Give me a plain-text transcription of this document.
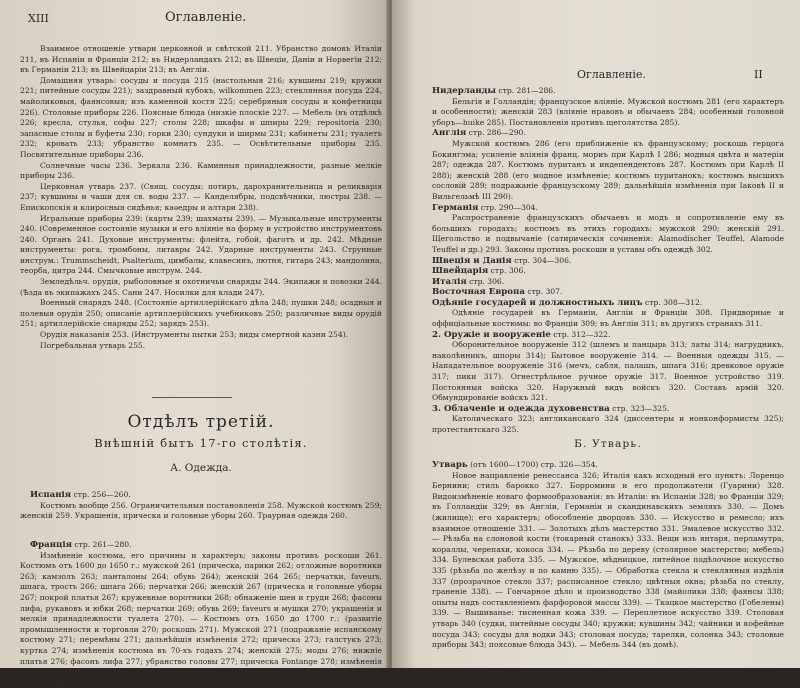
XIII	Оглавленіе.

Взаимное отношеніе утвари церковной и свѣтской 211. Убранство домовъ Италіи 211, въ Испаніи и Франціи 212; въ Нидерландахъ 212; въ Швеціи, Даніи и Норвегіи 212; въ Германіи 213; въ Швейцаріи 213; въ Англіи.

Домашняя утварь: сосуды и посуда 215 (настольныя 216; кувшины 219; кружки 221; питейные сосуды 221); заздравный кубокъ, wilkommen 223; стеклянная посуда 224, майоликовыя, фаянсовыя; изъ каменной костя 225; серебряныя сосуды и конфетницы 226). Столовые приборы 226. Поясные блюда (низкіе плоскіе 227. — Мебель (въ отдѣлкѣ 226; кресла, стулья, софы 227; столы 228; шкафы и шпиры 229; repositoria 230; запасные столы и буфеты 230; горки 230; сундуки и ширмы 231; кабинеты 231; туалетъ 232; кровать 233; убранство комнатъ 235. — Освѣтительные приборы 235. Посвятительные приборы 236.

Солнечные часы 236. Зеркала 236. Каминныя принадлежности, разные мелкіе приборы 236.

Церковная утварь 237. (Свящ. сосуды: потиръ, дарохранительница и реликварія 237; кувшины и чаши для св. воды 237. — Канделябры, подсвѣчники, люстры 238. — Епископскія и клиросныя сидѣнья; каѳедры и алтари 238).

Игральные приборы 239: (карты 239; шахматы 239). — Музыкальные инструменты 240. (Современное состояніе музыки и его вліяніе на форму и устройство инструментовъ 240. Органъ 241. Духовые инструменты: флейта, гобой, фаготъ и др. 242. Мѣдные инструменты: рога, тромбоны, литавры 242. Ударные инструменты 243. Струнные инструм.: Trummscheidt, Psalterium, цимбалы, клавесинъ, лютня, гитара 243; мандолина, теорба, цитра 244. Смычковые инструм. 244.

Земледѣльч. орудія, рыболовные и охотничьи снаряды 244. Экипажи и повозки 244. (Ѣзда въ экипажахъ 245. Сани 247. Носилки для клади 247).

Военный снарядъ 248. (Состояніе артиллерійскаго дѣла 248; пушки 248; осадныя и полевыя орудія 250; описаніе артиллерійскихъ учебниковъ 250; различные виды орудій 251; артиллерійскіе снаряды 252; зарядъ 253).

Орудія наказанія 253. (Инструменты пытки 253; виды смертной казни 254).

Погребальная утварь 255.

Отдѣлъ третій.
Внѣшній бытъ 17-го столѣтія.
А. Одежда.
Испанія стр. 256—260.

Костюмъ вообще 256. Ограничительныя постановленія 258. Мужской костюмъ 259; женскій 259. Украшенія, прическа и головные уборы 260. Траурная одежда 260.

Франція стр. 261—280.

Измѣненіе костюма, его причины и характеръ; законы противъ роскоши 261. Костюмъ отъ 1600 до 1650 г.: мужской 261 (прическа, парики 262; отложные воротники 263; камзолъ 263; панталоны 264; обувь 264); женскій 264 265; перчатки, fаvеurs, шпага, трость 266; шпага 266; перчатки 266; женскій 267 (прическа и головные уборы 267; покрой платья 267; кружевные воротники 268; обнаженіе шеи и груди 268; фасоны лифа, рукавовъ и юбки 268; перчатки 269; обувь 269; faveurs и мушки 270; украшенія и мелкія принадлежности туалета 270). — Костюмъ отъ 1650 до 1700 г.: (развитіе промышленности и торговли 270; роскошь 271). Мужской 271 (подражаніе испанскому костюму 271; перемѣны 271; дальнѣйшія измѣненія 272; прическа 273; галстукъ 273; куртка 274; измѣненія костюма въ 70-хъ годахъ 274; женскій 275; моды 276; нижніе платья 276; фасонъ лифа 277; убранство головы 277; прическа Fontange 278; измѣненія въ костюмѣ съ 1685 г. 278; вышивка 279; косметика, пудра, мушки, веера 279; часы, муфты и пр. 280).

Оглавленіе.	II
Нидерланды стр. 281—286.

Бельгія и Голландія; французское вліяніе. Мужской костюмъ 281 (его характеръ и особенности); женскій 283 (вліяніе нравовъ и обычаевъ 284; особенный головной уборъ—huike 285). Постановленія противъ щеголятства 285).

Англія стр. 286—290.

Мужской костюмъ 286 (его приближеніе къ французскому; роскошь герцога Бокингэма; усиленіе вліянія франц. мориъ при Карлѣ I 286; модныя цвѣта и матеріи 287; одежда 287. Костюмъ пуританъ и индепендентовъ 287. Костюмъ при Карлѣ II 288); женскій 288 (его модное измѣненіе; костюмъ пуританокъ; костюмъ высшихъ сословій 289; подражаніе французскому 289; дальнѣйшія измѣненія при Іаковѣ II и Вильгельмѣ III 290).

Германія стр. 290—304.

Распространеніе французскихъ обычаевъ и модъ и сопротивленіе ему въ большихъ городахъ; костюмъ въ этихъ городахъ: мужской 290; женскій 291. Щегольство и подвычаніе (сатирическія сочиненія: Alamodischer Teuffel, Alamode Teuffel и др.) 293. Законы противъ роскоши и уставы объ одеждѣ 302.

Швеція и Данія стр. 304—306.
Швейцарія стр. 306.
Италія стр. 306.
Восточная Европа стр. 307.
Одѣяніе государей и должностныхъ лицъ стр. 308—312.

Одѣяніе государей въ Германіи, Англіи и Франціи 308. Придворные и оффиціальные костюмы: во Франціи 309; въ Англіи 311; въ другихъ странахъ 311.

2. Оружіе и вооруженіе стр. 312—322.

Оборонительное вооруженіе 312 (шлемъ и панцырь 313; латы 314; нагрудникъ, наколѣнникъ, шпоры 314); Бытовое вооруженіе 314. — Военныя одежды 315. — Нападательное вооруженіе 316 (мечъ, сабля, палашъ, шпага 316; древковое оружіе 317; пики 317). Огнестрѣльное ручное оружіе 317. Военное устройство 319. Постоянныя войска 320. Наружный видъ войскъ 320. Составъ армій 320. Обмундированіе войскъ 321.

3. Облаченіе и одежда духовенства стр. 323—325.

Католическаго 323; англиканскаго 324 (диссентеры и нонконформисты 325); протестантскаго 325.

Б. Утварь.
Утварь (отъ 1600—1700) стр. 326—354.

Новое направленіе ренессанса 326; Италія какъ исходный его пунктъ: Лоренцо Бернини; стиль барокко 327. Борромини и его продолжатели (Гуарини) 328. Видоизмѣненіе новаго формообразованія: въ Италіи: въ Испаніи 328; во Франціи 329; въ Голландіи 329; въ Англіи, Германіи и скандинавскихъ земляхъ 330. — Домъ (жилище); его характеръ; обособленіе дворцовъ 330. — Искусство и ремесло; ихъ взаимное отношеніе 331. — Золотыхъ дѣлъ мастерство 331. Эмалевое искусство 332. — Рѣзьба на слоновой кости (токарный станокъ) 333. Вещи изъ янтаря, перламутра, кораллы, черепахи, кокоса 334. — Рѣзьба по дереву (столярное мастерство; мебель) 334. Булевская работа 335. — Мужское, мѣдницкое, литейное подѣлочное искусство 335 (рѣзьба по желѣзу и по камню 335). — Обработка стекла и стеклянныя издѣлія 337 (прозрачное стекло 337; расписанное стекло; цвѣтныя окна; рѣзьба по стеклу, граненіе 338). — Гончарное дѣло и производство 338 (майолики 338; фаянсы 338; опыты надъ составленіемъ фарфоровой массы 339). — Ткацкое мастерство (Гобелены) 339. — Вышиванье: тисненная кожа 339. — Переплетное искусство 339. Столовая утварь 340 (судки, питейные сосуды 340; кружки; кувшины 342; чайники и кофейные посуда 343; сосуды для водки 343; столовая посуда; тарелки, солонка 343; столовые приборы 343; поясовые блюда 343). — Мебель 344 (въ домѣ).
